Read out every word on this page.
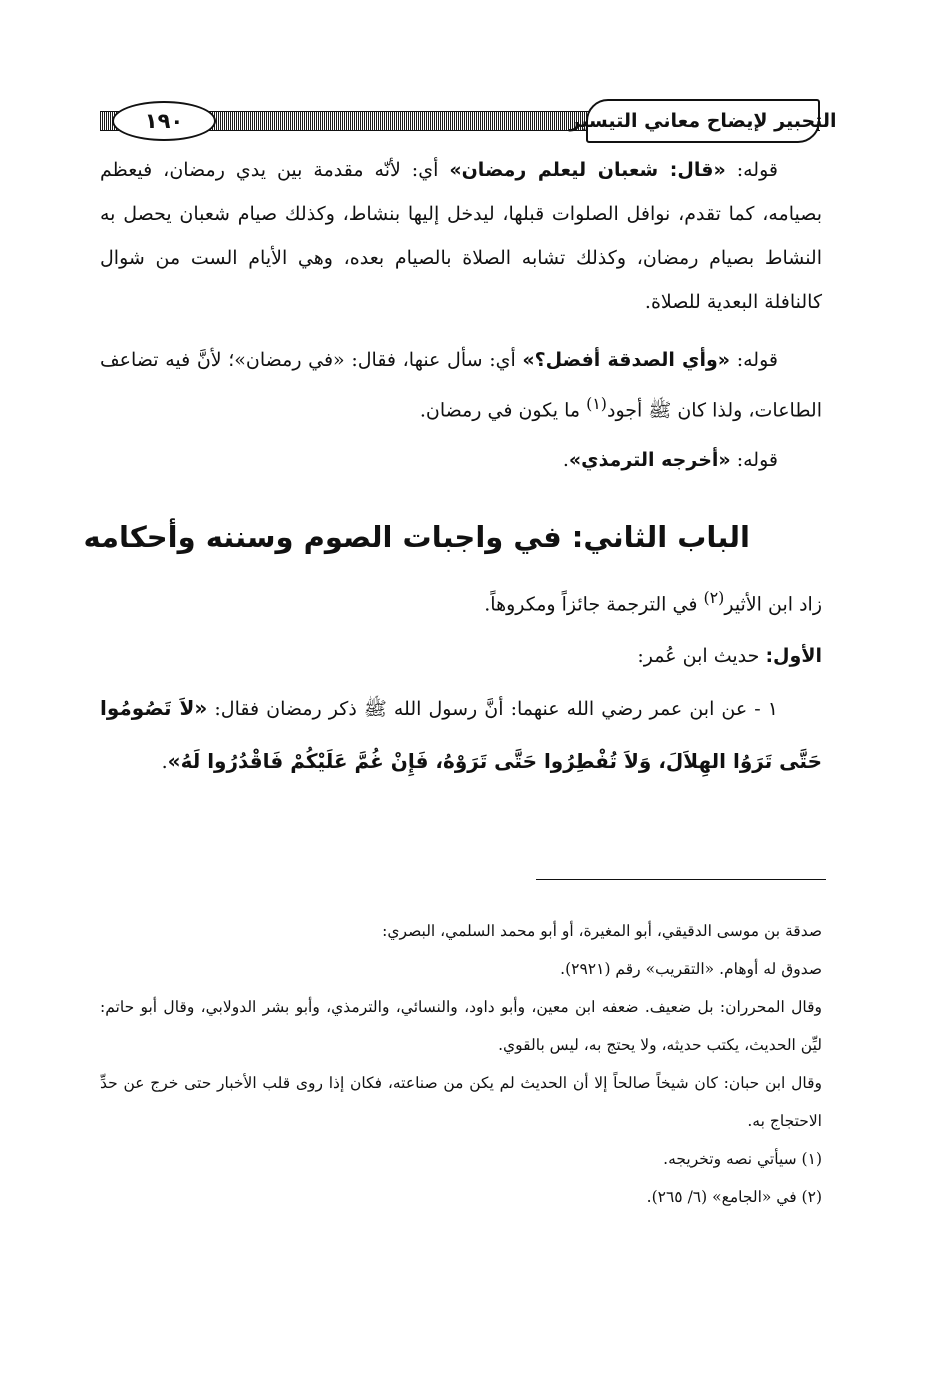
التحبير لإيضاح معاني التيسير
١٩٠

قوله: «قال: شعبان ليعلم رمضان» أي: لأنّه مقدمة بين يدي رمضان، فيعظم بصيامه، كما تقدم، نوافل الصلوات قبلها، ليدخل إليها بنشاط، وكذلك صيام شعبان يحصل به النشاط بصيام رمضان، وكذلك تشابه الصلاة بالصيام بعده، وهي الأيام الست من شوال كالنافلة البعدية للصلاة.

قوله: «وأي الصدقة أفضل؟» أي: سأل عنها، فقال: «في رمضان»؛ لأنَّ فيه تضاعف الطاعات، ولذا كان ﷺ أجود$^{(١)}$ ما يكون في رمضان.

قوله: «أخرجه الترمذي».

الباب الثاني: في واجبات الصوم وسننه وأحكامه

زاد ابن الأثير$^{(٢)}$ في الترجمة جائزاً ومكروهاً.

الأول: حديث ابن عُمر:

١ - عن ابن عمر رضي الله عنهما: أنَّ رسول الله ﷺ ذكر رمضان فقال: «لاَ تَصُومُوا حَتَّى تَرَوُا الهِلاَلَ، وَلاَ تُفْطِرُوا حَتَّى تَرَوْهُ، فَإِنْ غُمَّ عَلَيْكُمْ فَاقْدُرُوا لَهُ».

صدقة بن موسى الدقيقي، أبو المغيرة، أو أبو محمد السلمي، البصري:

صدوق له أوهام. «التقريب» رقم (٢٩٢١).

وقال المحرران: بل ضعيف. ضعفه ابن معين، وأبو داود، والنسائي، والترمذي، وأبو بشر الدولابي، وقال أبو حاتم: ليِّن الحديث، يكتب حديثه، ولا يحتج به، ليس بالقوي.

وقال ابن حبان: كان شيخاً صالحاً إلا أن الحديث لم يكن من صناعته، فكان إذا روى قلب الأخبار حتى خرج عن حدِّ الاحتجاج به.

(١) سيأتي نصه وتخريجه.

(٢) في «الجامع» (٦/ ٢٦٥).
